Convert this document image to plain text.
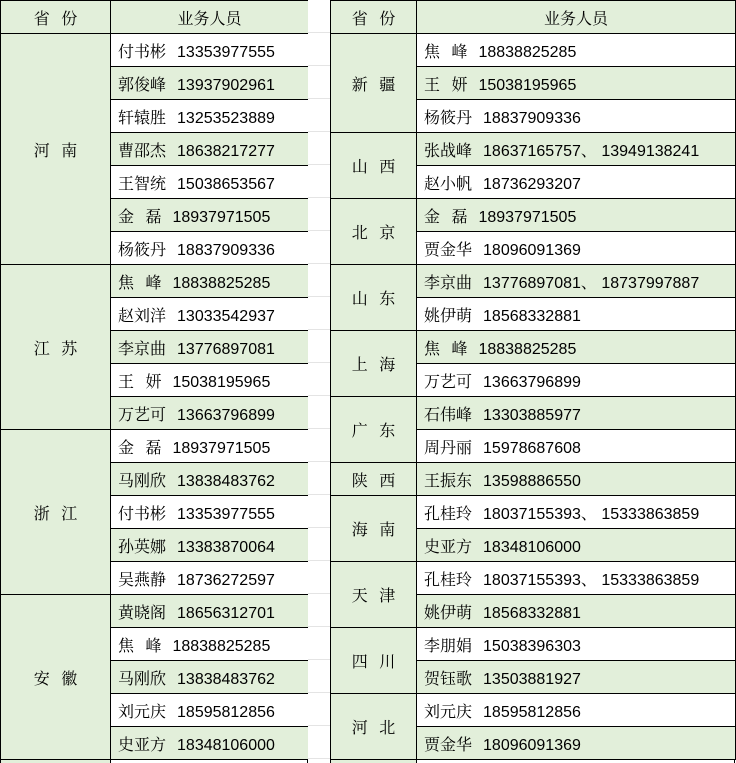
省 份	业务人员
河 南	付书彬 13353977555
	郭俊峰 13937902961
	轩辕胜 13253523889
	曹邵杰 18638217277
	王智统 15038653567
	金 磊 18937971505
	杨筱丹 18837909336
江 苏	焦 峰 18838825285
	赵刘洋 13033542937
	李京曲 13776897081
	王 妍 15038195965
	万艺可 13663796899
浙 江	金 磊 18937971505
	马刚欣 13838483762
	付书彬 13353977555
	孙英娜 13383870064
	吴燕静 18736272597
安 徽	黄晓阁 18656312701
	焦 峰 18838825285
	马刚欣 13838483762
	刘元庆 18595812856
	史亚方 18348106000
省 份	业务人员
新 疆	焦 峰 18838825285
	王 妍 15038195965
	杨筱丹 18837909336
山 西	张战峰 18637165757、 13949138241
	赵小帆 18736293207
北 京	金 磊 18937971505
	贾金华 18096091369
山 东	李京曲 13776897081、 18737997887
	姚伊萌 18568332881
上 海	焦 峰 18838825285
	万艺可 13663796899
广 东	石伟峰 13303885977
	周丹丽 15978687608
陕 西	王振东 13598886550
海 南	孔桂玲 18037155393、 15333863859
	史亚方 18348106000
天 津	孔桂玲 18037155393、 15333863859
	姚伊萌 18568332881
四 川	李朋娟 15038396303
	贺钰歌 13503881927
河 北	刘元庆 18595812856
	贾金华 18096091369
